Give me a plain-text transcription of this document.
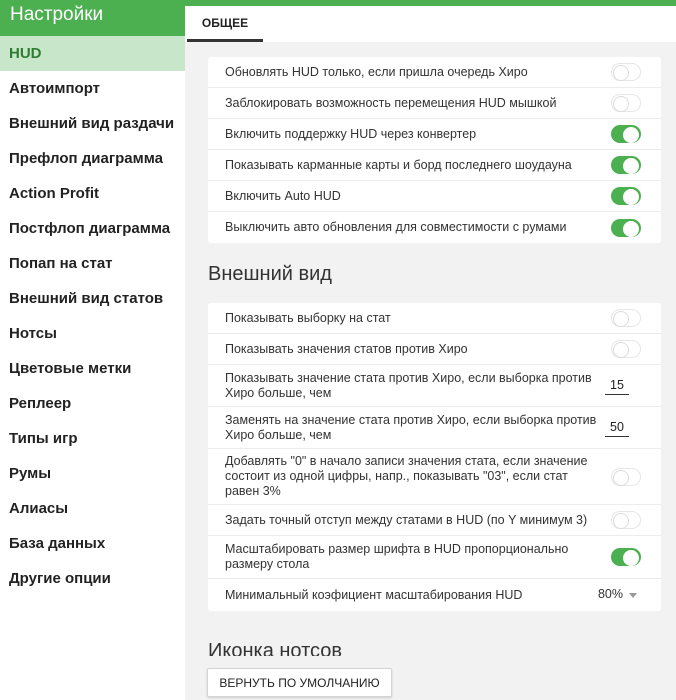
Настройки
HUD
Автоимпорт
Внешний вид раздачи
Префлоп диаграмма
Action Profit
Постфлоп диаграмма
Попап на стат
Внешний вид статов
Нотсы
Цветовые метки
Реплеер
Типы игр
Румы
Алиасы
База данных
Другие опции
ОБЩЕЕ
Обновлять HUD только, если пришла очередь Хиро
Заблокировать возможность перемещения HUD мышкой
Включить поддержку HUD через конвертер
Показывать карманные карты и борд последнего шоудауна
Включить Auto HUD
Выключить авто обновления для совместимости с румами
Внешний вид
Показывать выборку на стат
Показывать значения статов против Хиро
Показывать значение стата против Хиро, если выборка против Хиро больше, чем
15
Заменять на значение стата против Хиро, если выборка против Хиро больше, чем
50
Добавлять "0" в начало записи значения стата, если значение состоит из одной цифры, напр., показывать "03", если стат равен 3%
Задать точный отступ между статами в HUD (по Y минимум 3)
Масштабировать размер шрифта в HUD пропорционально размеру стола
Минимальный коэфициент масштабирования HUD	80%
Иконка нотсов
ВЕРНУТЬ ПО УМОЛЧАНИЮ
